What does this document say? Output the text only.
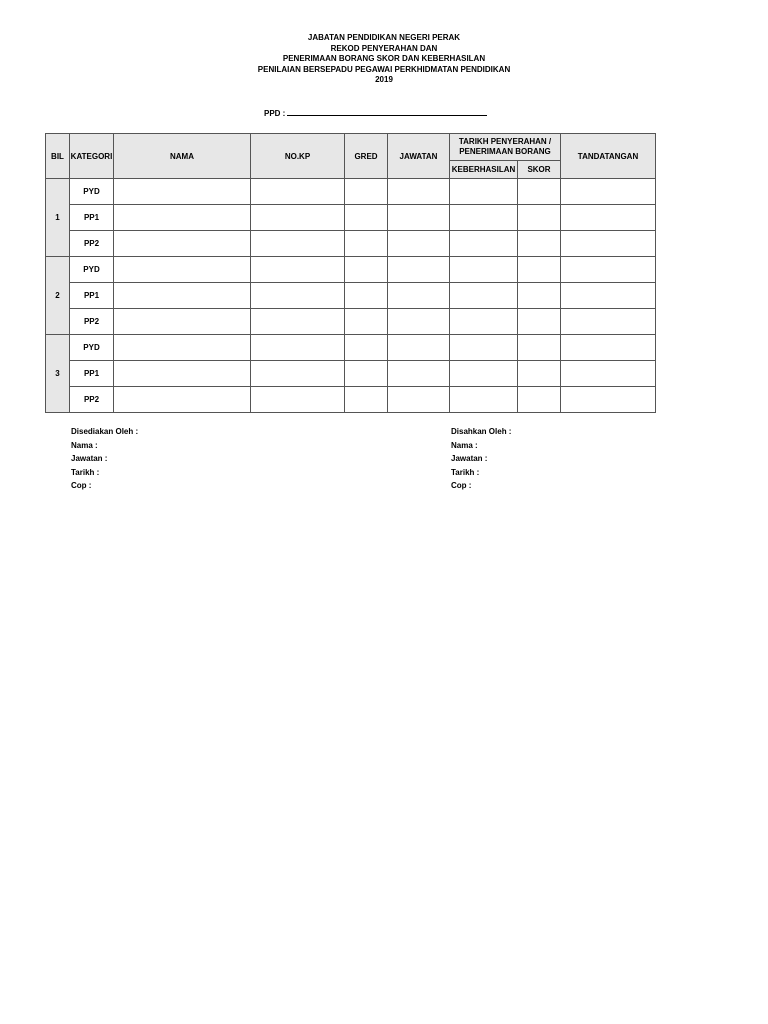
JABATAN PENDIDIKAN NEGERI PERAK
REKOD PENYERAHAN DAN
PENERIMAAN BORANG SKOR DAN KEBERHASILAN
PENILAIAN BERSEPADU PEGAWAI PERKHIDMATAN PENDIDIKAN
2019
PPD :
BIL	KATEGORI	NAMA	NO.KP	GRED	JAWATAN	TARIKH PENYERAHAN / PENERIMAAN BORANG		TANDATANGAN
						KEBERHASILAN	SKOR	
1	PYD							
	PP1							
	PP2							
2	PYD							
	PP1							
	PP2							
3	PYD							
	PP1							
	PP2							
Disediakan Oleh :
Nama :
Jawatan :
Tarikh :
Cop :
Disahkan Oleh :
Nama :
Jawatan :
Tarikh :
Cop :
